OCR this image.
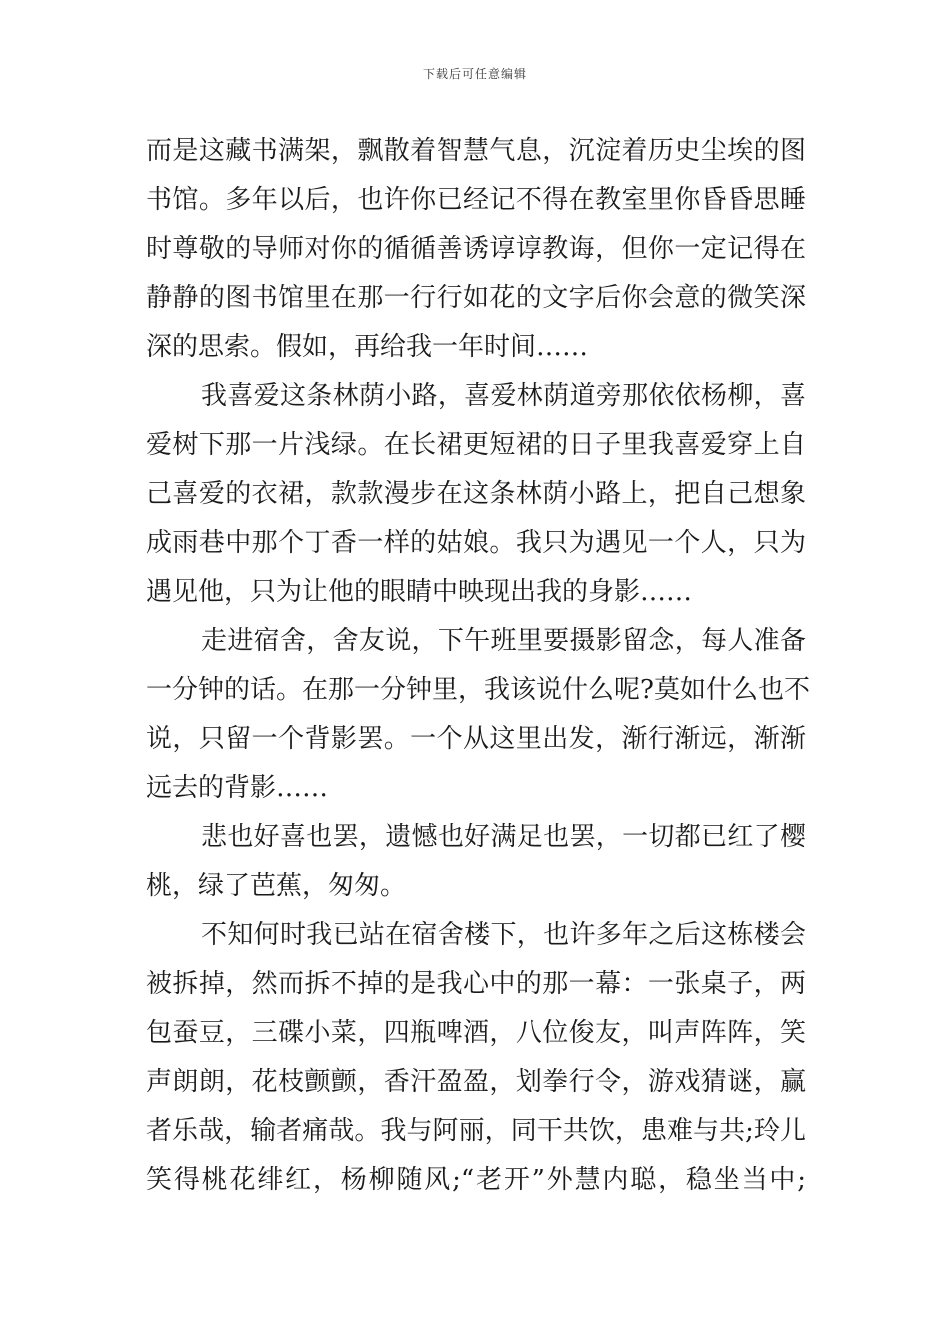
下载后可任意编辑
而是这藏书满架，飘散着智慧气息，沉淀着历史尘埃的图
书馆。多年以后，也许你已经记不得在教室里你昏昏思睡
时尊敬的导师对你的循循善诱谆谆教诲，但你一定记得在
静静的图书馆里在那一行行如花的文字后你会意的微笑深
深的思索。假如，再给我一年时间……
我喜爱这条林荫小路，喜爱林荫道旁那依依杨柳，喜
爱树下那一片浅绿。在长裙更短裙的日子里我喜爱穿上自
己喜爱的衣裙，款款漫步在这条林荫小路上，把自己想象
成雨巷中那个丁香一样的姑娘。我只为遇见一个人，只为
遇见他，只为让他的眼睛中映现出我的身影……
走进宿舍，舍友说，下午班里要摄影留念，每人准备
一分钟的话。在那一分钟里，我该说什么呢?莫如什么也不
说，只留一个背影罢。一个从这里出发，渐行渐远，渐渐
远去的背影……
悲也好喜也罢，遗憾也好满足也罢，一切都已红了樱
桃，绿了芭蕉，匆匆。
不知何时我已站在宿舍楼下，也许多年之后这栋楼会
被拆掉，然而拆不掉的是我心中的那一幕：一张桌子，两
包蚕豆，三碟小菜，四瓶啤酒，八位俊友，叫声阵阵，笑
声朗朗，花枝颤颤，香汗盈盈，划拳行令，游戏猜谜，赢
者乐哉，输者痛哉。我与阿丽，同干共饮，患难与共;玲儿
笑得桃花绯红，杨柳随风;“老开”外慧内聪，稳坐当中;
